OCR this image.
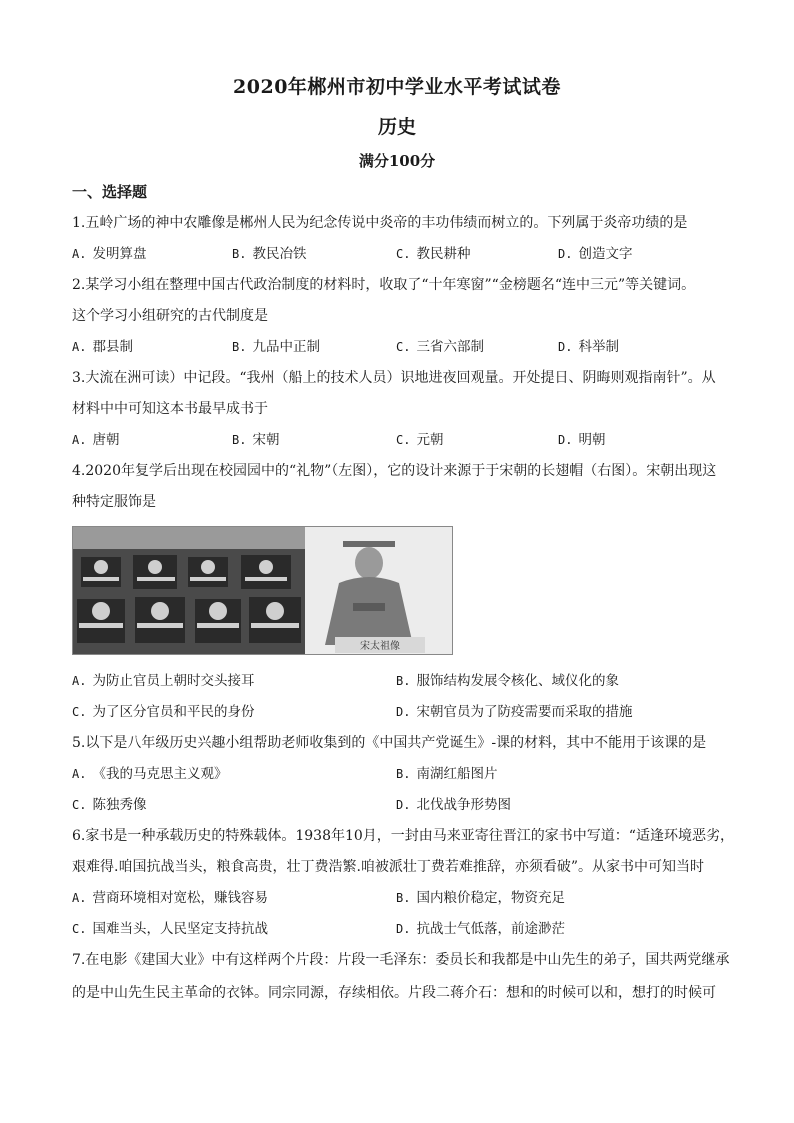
2020年郴州市初中学业水平考试试卷
历史
满分100分
一、选择题
1.五岭广场的神中农雕像是郴州人民为纪念传说中炎帝的丰功伟绩而树立的。下列属于炎帝功绩的是
A. 发明算盘	B. 教民冶铁	C. 教民耕种	D. 创造文字
2.某学习小组在整理中国古代政治制度的材料时，收取了“十年寒窗”“金榜题名“连中三元”等关键词。
这个学习小组研究的古代制度是
A. 郡县制	B. 九品中正制	C. 三省六部制	D. 科举制
3.大流在洲可读）中记段。“我州（船上的技术人员）识地进夜回观量。开处提日、阴晦则观指南针”。从
材料中中可知这本书最早成书于
A. 唐朝	B. 宋朝	C. 元朝	D. 明朝
4.2020年复学后出现在校园园中的“礼物”（左图），它的设计来源于于宋朝的长翅帽（右图）。宋朝出现这
种特定服饰是
宋太祖像
A. 为防止官员上朝时交头接耳	B. 服饰结构发展令核化、域仪化的象
C. 为了区分官员和平民的身份	D. 宋朝官员为了防疫需要而采取的措施
5.以下是八年级历史兴趣小组帮助老师收集到的《中国共产党诞生》-课的材料，其中不能用于该课的是
A. 《我的马克思主义观》	B. 南湖红船图片
C. 陈独秀像	D. 北伐战争形势图
6.家书是一种承载历史的特殊载体。1938年10月，一封由马来亚寄往晋江的家书中写道：“适逢环境恶劣，
艰难得.咱国抗战当头，粮食高贵，壮丁费浩繁.咱被派壮丁费若难推辞，亦须看破”。从家书中可知当时
A. 营商环境相对宽松，赚钱容易	B. 国内粮价稳定，物资充足
C. 国难当头，人民坚定支持抗战	D. 抗战士气低落，前途渺茫
7.在电影《建国大业》中有这样两个片段：片段一毛泽东：委员长和我都是中山先生的弟子，国共两党继承
的是中山先生民主革命的衣钵。同宗同源，存续相依。片段二蒋介石：想和的时候可以和，想打的时候可
